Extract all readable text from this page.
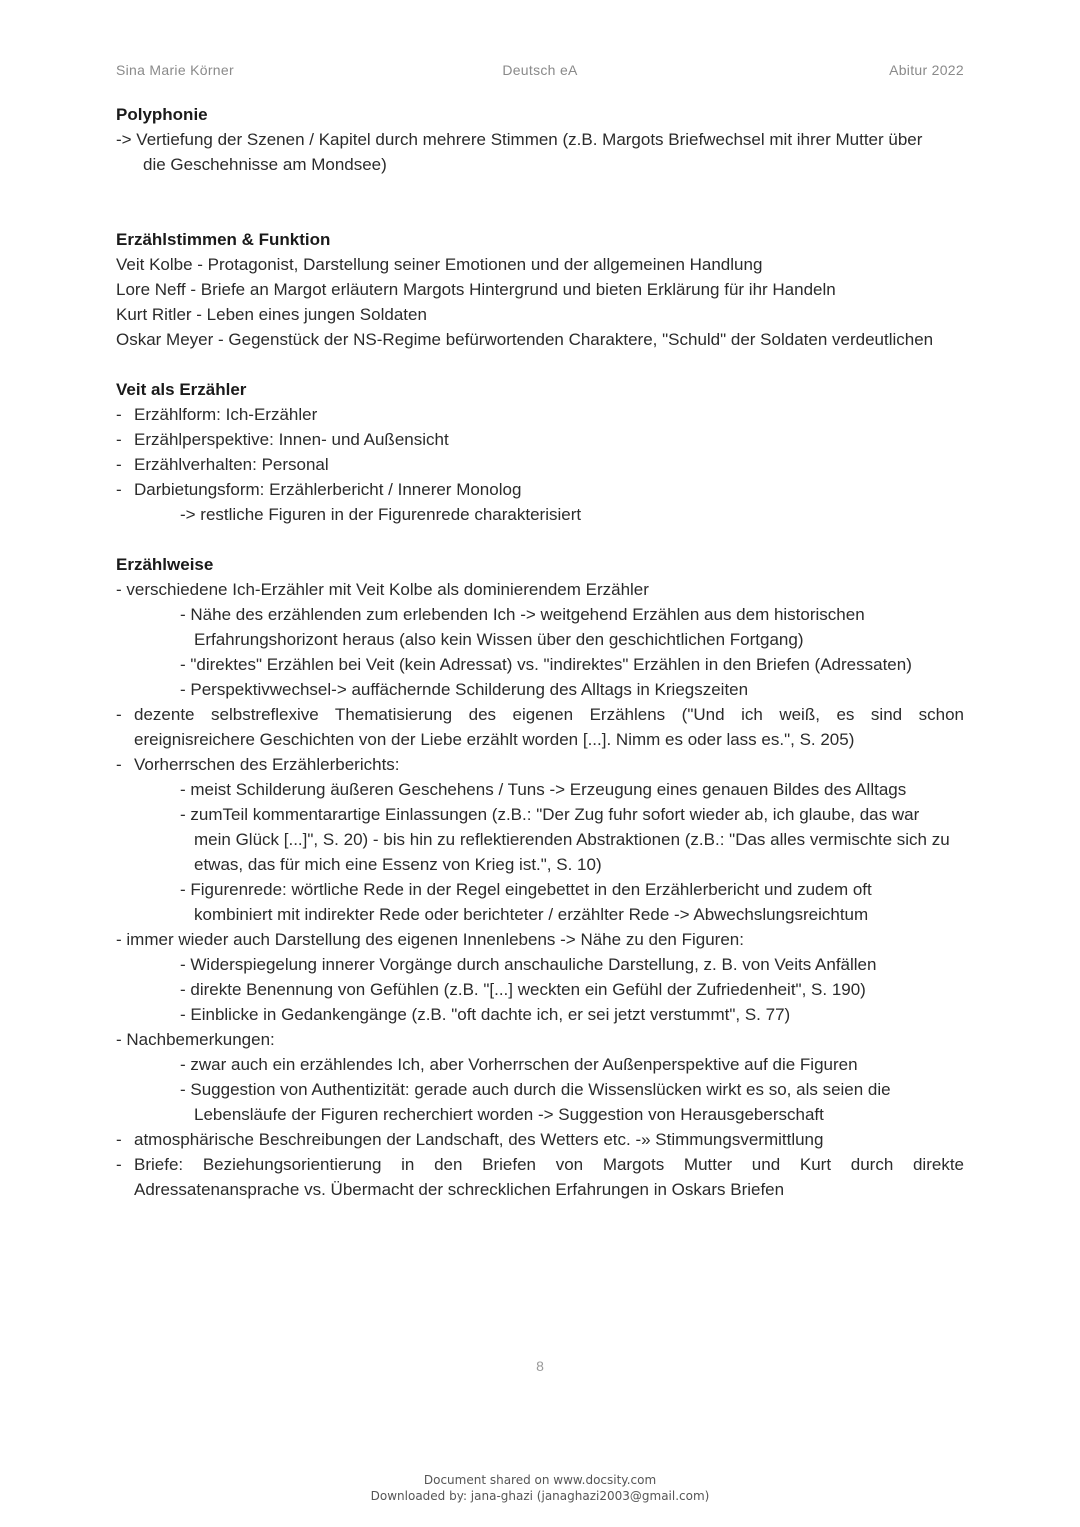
Sina Marie Körner	Deutsch eA	Abitur 2022
Polyphonie
-> Vertiefung der Szenen / Kapitel durch mehrere Stimmen (z.B. Margots Briefwechsel mit ihrer Mutter über
die Geschehnisse am Mondsee)
Erzählstimmen & Funktion
Veit Kolbe - Protagonist, Darstellung seiner Emotionen und der allgemeinen Handlung
Lore Neff - Briefe an Margot erläutern Margots Hintergrund und bieten Erklärung für ihr Handeln
Kurt Ritler - Leben eines jungen Soldaten
Oskar Meyer - Gegenstück der NS-Regime befürwortenden Charaktere, "Schuld" der Soldaten verdeutlichen
Veit als Erzähler
- Erzählform: Ich-Erzähler
- Erzählperspektive: Innen- und Außensicht
- Erzählverhalten: Personal
- Darbietungsform: Erzählerbericht / Innerer Monolog
-> restliche Figuren in der Figurenrede charakterisiert
Erzählweise
- verschiedene Ich-Erzähler mit Veit Kolbe als dominierendem Erzähler
- Nähe des erzählenden zum erlebenden Ich -> weitgehend Erzählen aus dem historischen
Erfahrungshorizont heraus (also kein Wissen über den geschichtlichen Fortgang)
- "direktes" Erzählen bei Veit (kein Adressat) vs. "indirektes" Erzählen in den Briefen (Adressaten)
- Perspektivwechsel-> auffächernde Schilderung des Alltags in Kriegszeiten
- dezente selbstreflexive Thematisierung des eigenen Erzählens ("Und ich weiß, es sind schon
ereignisreichere Geschichten von der Liebe erzählt worden [...]. Nimm es oder lass es.", S. 205)
- Vorherrschen des Erzählerberichts:
- meist Schilderung äußeren Geschehens / Tuns -> Erzeugung eines genauen Bildes des Alltags
- zumTeil kommentarartige Einlassungen (z.B.: "Der Zug fuhr sofort wieder ab, ich glaube, das war
mein Glück [...]", S. 20) - bis hin zu reflektierenden Abstraktionen (z.B.: "Das alles vermischte sich zu
etwas, das für mich eine Essenz von Krieg ist.", S. 10)
- Figurenrede: wörtliche Rede in der Regel eingebettet in den Erzählerbericht und zudem oft
kombiniert mit indirekter Rede oder berichteter / erzählter Rede -> Abwechslungsreichtum
- immer wieder auch Darstellung des eigenen Innenlebens -> Nähe zu den Figuren:
- Widerspiegelung innerer Vorgänge durch anschauliche Darstellung, z. B. von Veits Anfällen
- direkte Benennung von Gefühlen (z.B. "[...] weckten ein Gefühl der Zufriedenheit", S. 190)
- Einblicke in Gedankengänge (z.B. "oft dachte ich, er sei jetzt verstummt", S. 77)
- Nachbemerkungen:
- zwar auch ein erzählendes Ich, aber Vorherrschen der Außenperspektive auf die Figuren
- Suggestion von Authentizität: gerade auch durch die Wissenslücken wirkt es so, als seien die
Lebensläufe der Figuren recherchiert worden -> Suggestion von Herausgeberschaft
- atmosphärische Beschreibungen der Landschaft, des Wetters etc. -» Stimmungsvermittlung
- Briefe: Beziehungsorientierung in den Briefen von Margots Mutter und Kurt durch direkte
Adressatenansprache vs. Übermacht der schrecklichen Erfahrungen in Oskars Briefen
8
Document shared on www.docsity.com
Downloaded by: jana-ghazi (janaghazi2003@gmail.com)
